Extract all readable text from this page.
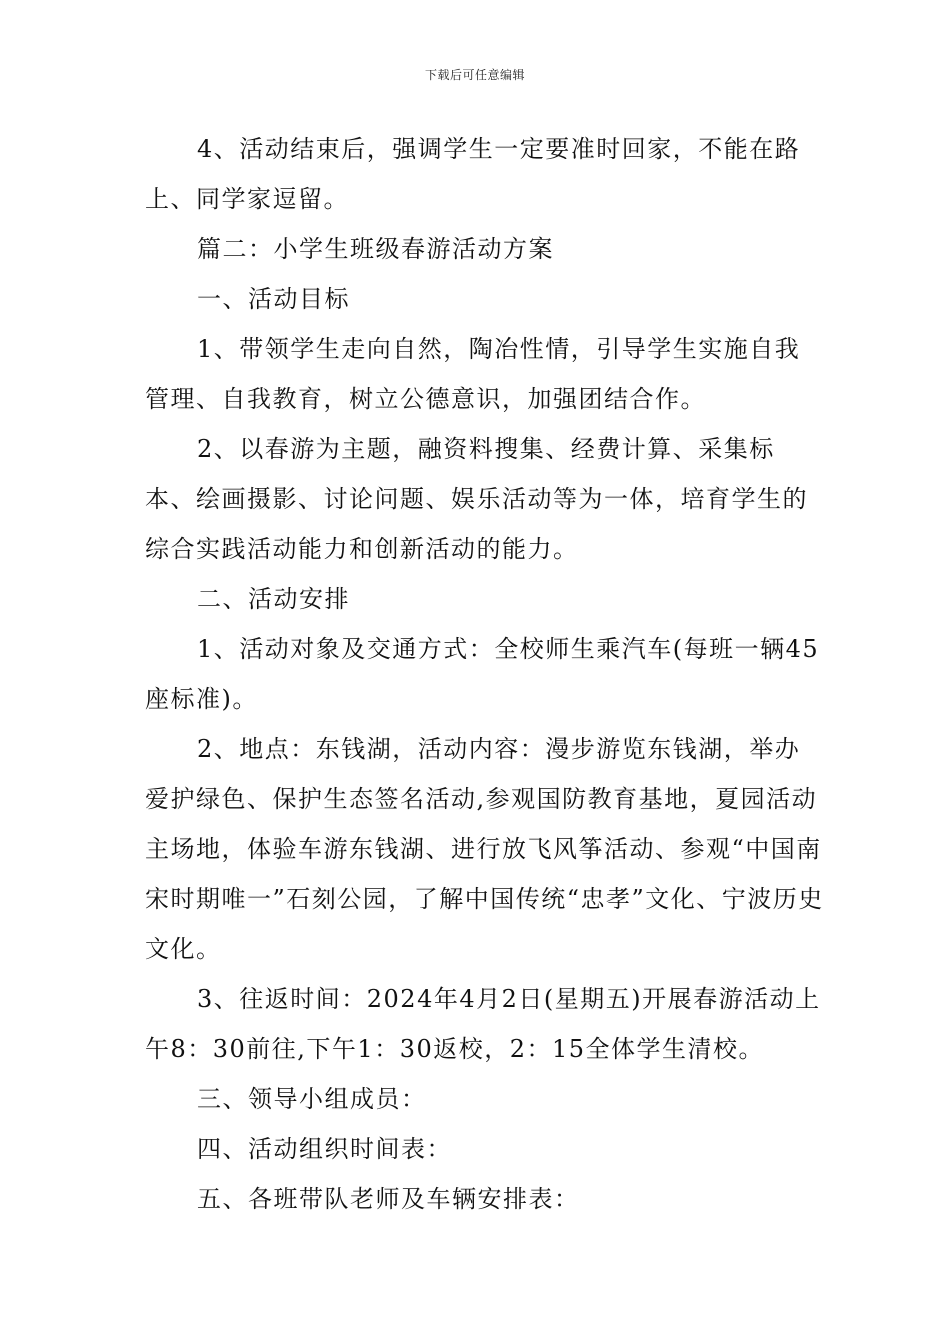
下载后可任意编辑

4、活动结束后，强调学生一定要准时回家，不能在路上、同学家逗留。

篇二：小学生班级春游活动方案

一、活动目标

1、带领学生走向自然，陶冶性情，引导学生实施自我管理、自我教育，树立公德意识，加强团结合作。

2、以春游为主题，融资料搜集、经费计算、采集标本、绘画摄影、讨论问题、娱乐活动等为一体，培育学生的综合实践活动能力和创新活动的能力。

二、活动安排

1、活动对象及交通方式：全校师生乘汽车(每班一辆45座标准)。

2、地点：东钱湖，活动内容：漫步游览东钱湖，举办爱护绿色、保护生态签名活动,参观国防教育基地，夏园活动主场地，体验车游东钱湖、进行放飞风筝活动、参观“中国南宋时期唯一”石刻公园，了解中国传统“忠孝”文化、宁波历史文化。

3、往返时间：2024年4月2日(星期五)开展春游活动上午8：30前往,下午1：30返校，2：15全体学生清校。

三、领导小组成员：

四、活动组织时间表：

五、各班带队老师及车辆安排表：
